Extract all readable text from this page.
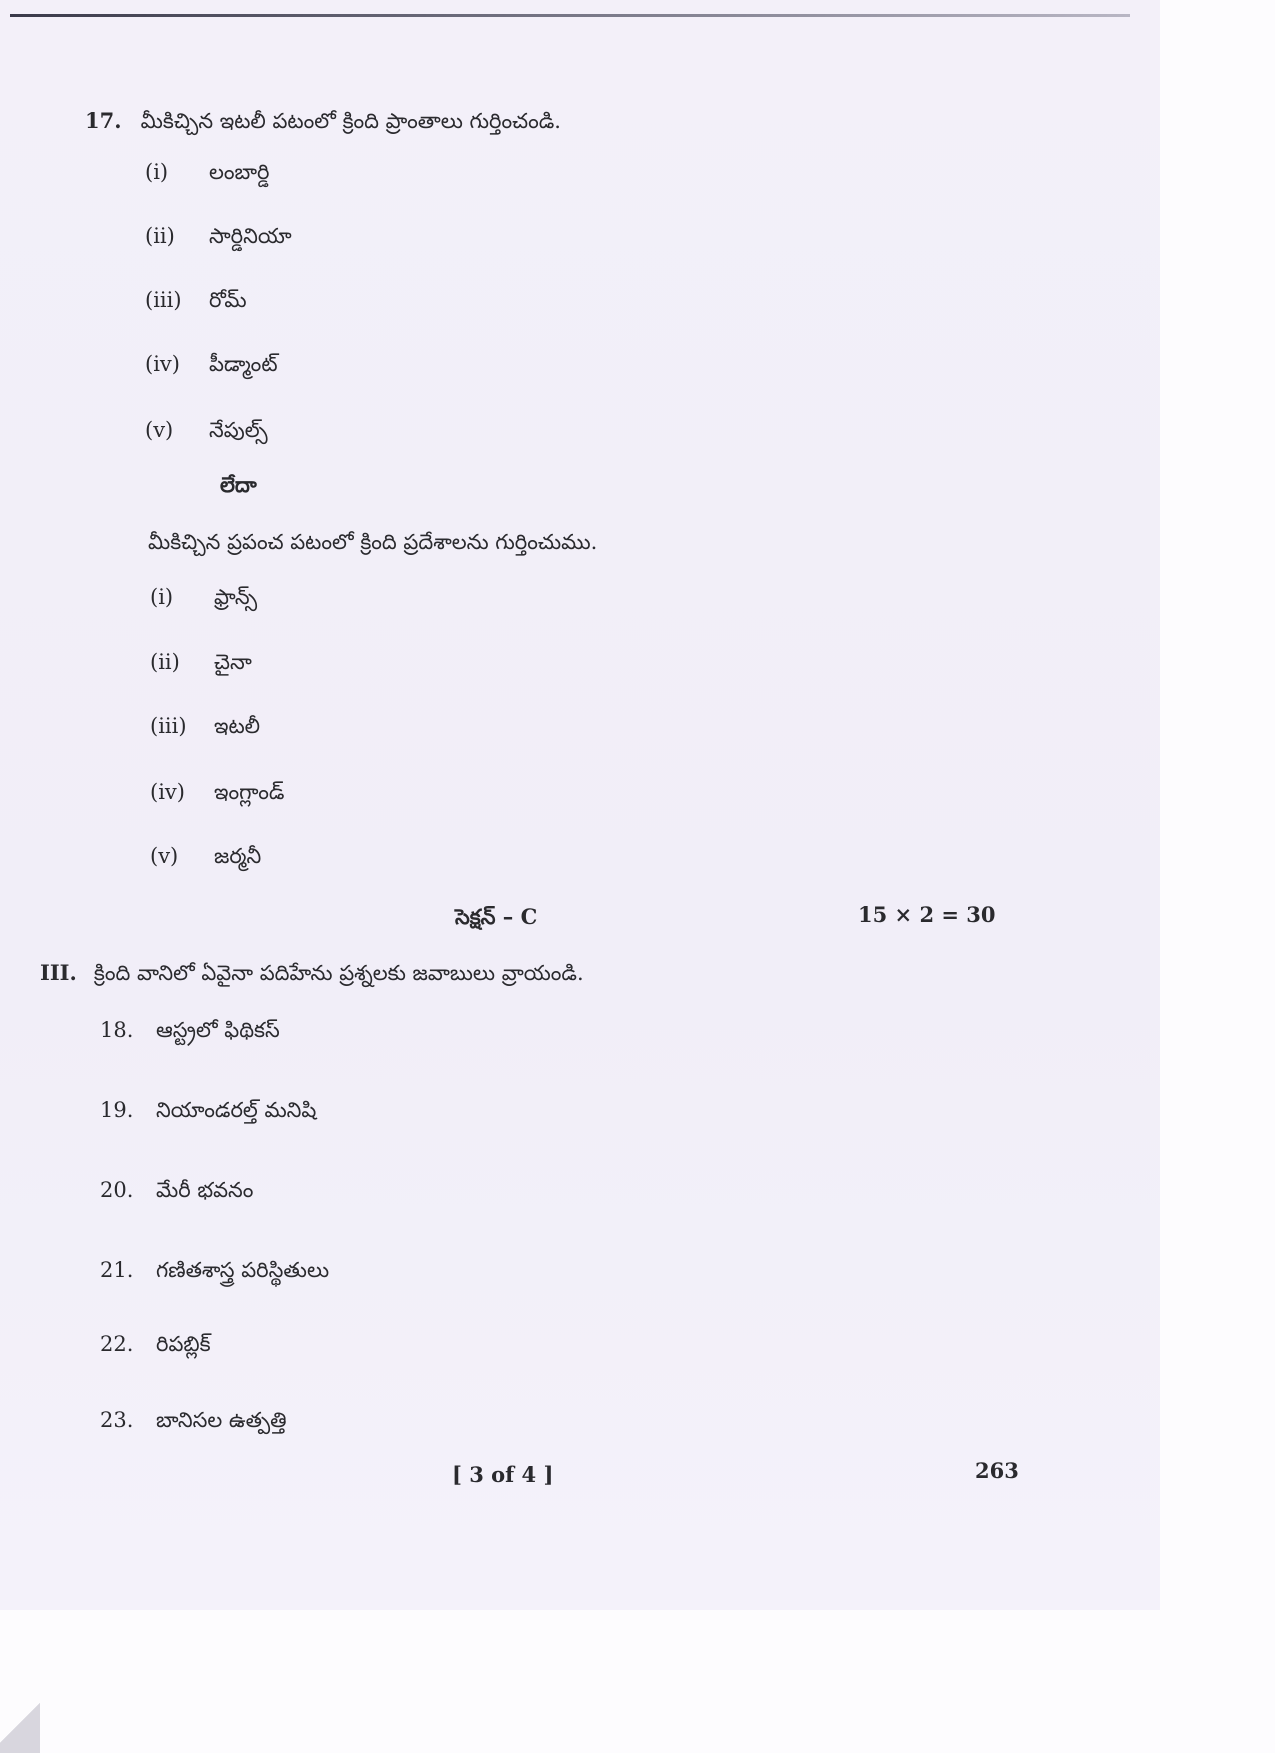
17. మీకిచ్చిన ఇటలీ పటంలో క్రింది ప్రాంతాలు గుర్తించండి.
(i) లంబార్డి
(ii) సార్డినియా
(iii) రోమ్
(iv) పీడ్మాంట్
(v) నేపుల్స్
లేదా
మీకిచ్చిన ప్రపంచ పటంలో క్రింది ప్రదేశాలను గుర్తించుము.
(i) ఫ్రాన్స్
(ii) చైనా
(iii) ఇటలీ
(iv) ఇంగ్లాండ్
(v) జర్మనీ
సెక్షన్ – C	15 × 2 = 30
III. క్రింది వానిలో ఏవైనా పదిహేను ప్రశ్నలకు జవాబులు వ్రాయండి.
18. ఆస్ట్రలో ఫిథికస్
19. నియాండరల్త్ మనిషి
20. మేరీ భవనం
21. గణితశాస్త్ర పరిస్థితులు
22. రిపబ్లిక్
23. బానిసల ఉత్పత్తి
[ 3 of 4 ]	263
